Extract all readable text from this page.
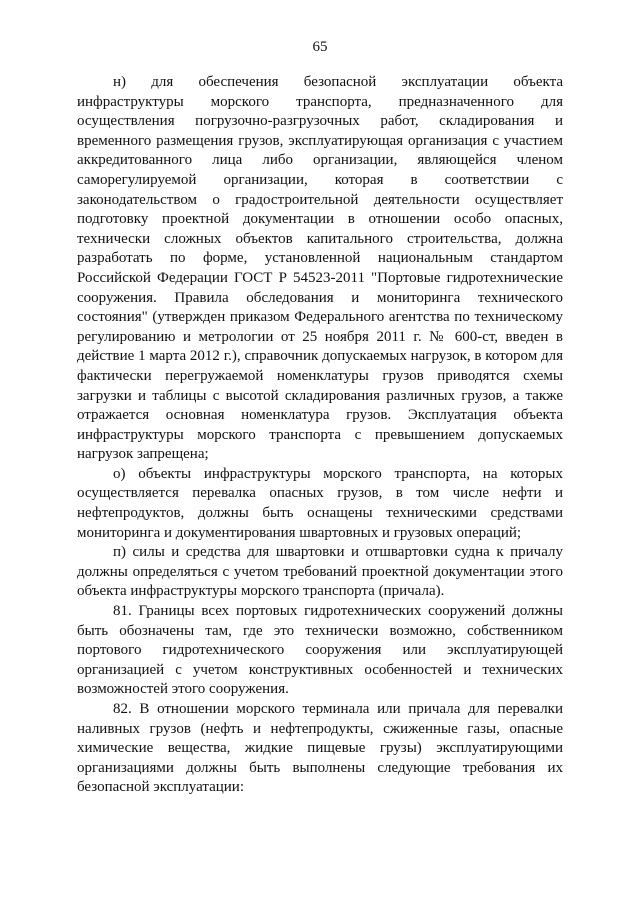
65

н) для обеспечения безопасной эксплуатации объекта инфраструктуры морского транспорта, предназначенного для осуществления погрузочно-разгрузочных работ, складирования и временного размещения грузов, эксплуатирующая организация с участием аккредитованного лица либо организации, являющейся членом саморегулируемой организации, которая в соответствии с законодательством о градостроительной деятельности осуществляет подготовку проектной документации в отношении особо опасных, технически сложных объектов капитального строительства, должна разработать по форме, установленной национальным стандартом Российской Федерации ГОСТ Р 54523-2011 "Портовые гидротехнические сооружения. Правила обследования и мониторинга технического состояния" (утвержден приказом Федерального агентства по техническому регулированию и метрологии от 25 ноября 2011 г. № 600-ст, введен в действие 1 марта 2012 г.), справочник допускаемых нагрузок, в котором для фактически перегружаемой номенклатуры грузов приводятся схемы загрузки и таблицы с высотой складирования различных грузов, а также отражается основная номенклатура грузов. Эксплуатация объекта инфраструктуры морского транспорта с превышением допускаемых нагрузок запрещена;

о) объекты инфраструктуры морского транспорта, на которых осуществляется перевалка опасных грузов, в том числе нефти и нефтепродуктов, должны быть оснащены техническими средствами мониторинга и документирования швартовных и грузовых операций;

п) силы и средства для швартовки и отшвартовки судна к причалу должны определяться с учетом требований проектной документации этого объекта инфраструктуры морского транспорта (причала).

81. Границы всех портовых гидротехнических сооружений должны быть обозначены там, где это технически возможно, собственником портового гидротехнического сооружения или эксплуатирующей организацией с учетом конструктивных особенностей и технических возможностей этого сооружения.

82. В отношении морского терминала или причала для перевалки наливных грузов (нефть и нефтепродукты, сжиженные газы, опасные химические вещества, жидкие пищевые грузы) эксплуатирующими организациями должны быть выполнены следующие требования их безопасной эксплуатации:
